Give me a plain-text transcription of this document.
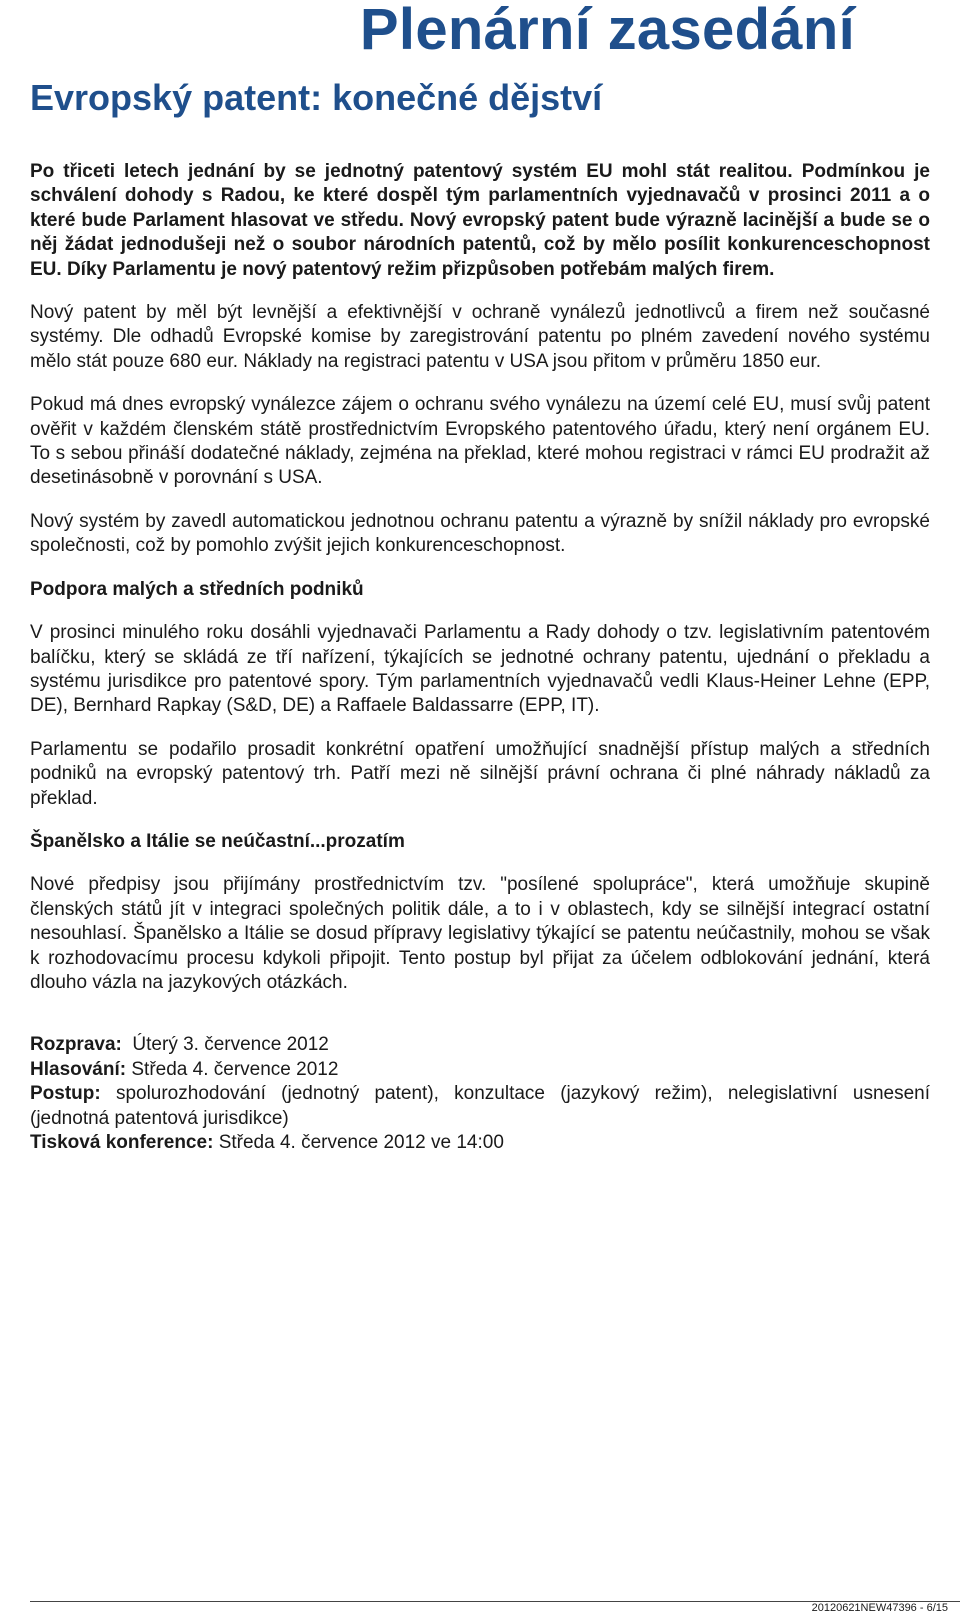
Plenární zasedání
Evropský patent: konečné dějství

Po třiceti letech jednání by se jednotný patentový systém EU mohl stát realitou. Podmínkou je schválení dohody s Radou, ke které dospěl tým parlamentních vyjednavačů v prosinci 2011 a o které bude Parlament hlasovat ve středu. Nový evropský patent bude výrazně lacinější a bude se o něj žádat jednodušeji než o soubor národních patentů, což by mělo posílit konkurenceschopnost EU. Díky Parlamentu je nový patentový režim přizpůsoben potřebám malých firem.

Nový patent by měl být levnější a efektivnější v ochraně vynálezů jednotlivců a firem než současné systémy. Dle odhadů Evropské komise by zaregistrování patentu po plném zavedení nového systému mělo stát pouze 680 eur. Náklady na registraci patentu v USA jsou přitom v průměru 1850 eur.

Pokud má dnes evropský vynálezce zájem o ochranu svého vynálezu na území celé EU, musí svůj patent ověřit v každém členském státě prostřednictvím Evropského patentového úřadu, který není orgánem EU. To s sebou přináší dodatečné náklady, zejména na překlad, které mohou registraci v rámci EU prodražit až desetinásobně v porovnání s USA.

Nový systém by zavedl automatickou jednotnou ochranu patentu a výrazně by snížil náklady pro evropské společnosti, což by pomohlo zvýšit jejich konkurenceschopnost.

Podpora malých a středních podniků

V prosinci minulého roku dosáhli vyjednavači Parlamentu a Rady dohody o tzv. legislativním patentovém balíčku, který se skládá ze tří nařízení, týkajících se jednotné ochrany patentu, ujednání o překladu a systému jurisdikce pro patentové spory. Tým parlamentních vyjednavačů vedli Klaus-Heiner Lehne (EPP, DE), Bernhard Rapkay (S&D, DE) a Raffaele Baldassarre (EPP, IT).

Parlamentu se podařilo prosadit konkrétní opatření umožňující snadnější přístup malých a středních podniků na evropský patentový trh. Patří mezi ně silnější právní ochrana či plné náhrady nákladů za překlad.

Španělsko a Itálie se neúčastní...prozatím

Nové předpisy jsou přijímány prostřednictvím tzv. "posílené spolupráce", která umožňuje skupině členských států jít v integraci společných politik dále, a to i v oblastech, kdy se silnější integrací ostatní nesouhlasí. Španělsko a Itálie se dosud přípravy legislativy týkající se patentu neúčastnily, mohou se však k rozhodovacímu procesu kdykoli připojit. Tento postup byl přijat za účelem odblokování jednání, která dlouho vázla na jazykových otázkách.

Rozprava: Úterý 3. července 2012
Hlasování: Středa 4. července 2012
Postup: spolurozhodování (jednotný patent), konzultace (jazykový režim), nelegislativní usnesení (jednotná patentová jurisdikce)
Tisková konference: Středa 4. července 2012 ve 14:00
20120621NEW47396 - 6/15
